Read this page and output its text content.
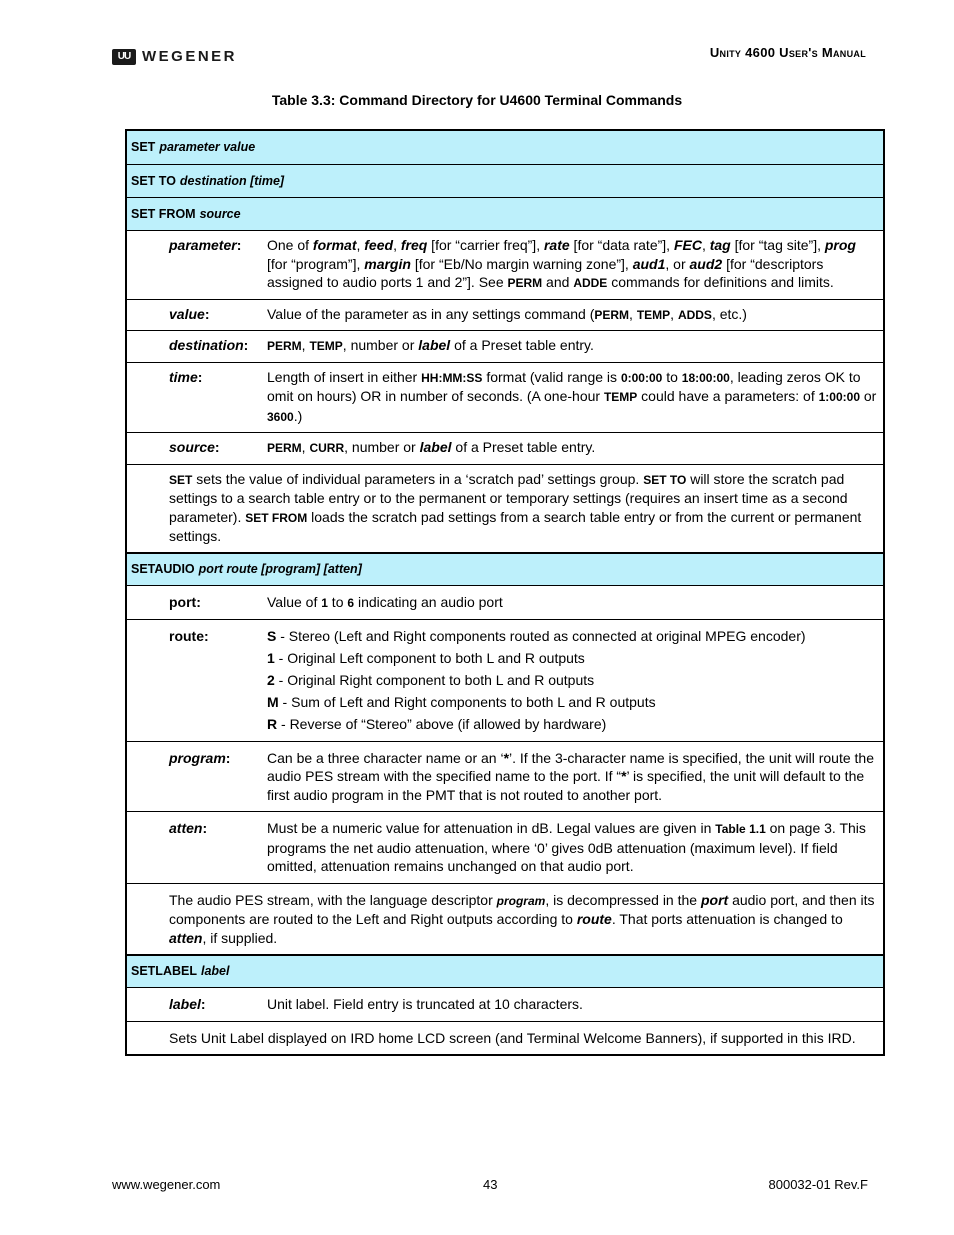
UU WEGENER	Unity 4600 User's Manual
Table 3.3: Command Directory for U4600 Terminal Commands
SET parameter value
SET TO destination [time]
SET FROM source
parameter:	One of format, feed, freq [for “carrier freq”], rate [for “data rate”], FEC, tag [for “tag site”], prog [for “program”], margin [for “Eb/No margin warning zone”], aud1, or aud2 [for “descriptors assigned to audio ports 1 and 2”]. See PERM and ADDE commands for definitions and limits.
value:	Value of the parameter as in any settings command (PERM, TEMP, ADDS, etc.)
destination:	PERM, TEMP, number or label of a Preset table entry.
time:	Length of insert in either HH:MM:SS format (valid range is 0:00:00 to 18:00:00, leading zeros OK to omit on hours) OR in number of seconds. (A one-hour TEMP could have a parameters: of 1:00:00 or 3600.)
source:	PERM, CURR, number or label of a Preset table entry.
SET sets the value of individual parameters in a ‘scratch pad’ settings group. SET TO will store the scratch pad settings to a search table entry or to the permanent or temporary settings (requires an insert time as a second parameter). SET FROM loads the scratch pad settings from a search table entry or from the current or permanent settings.
SETAUDIO port route [program] [atten]
port:	Value of 1 to 6 indicating an audio port
route:	S - Stereo (Left and Right components routed as connected at original MPEG encoder)

1 - Original Left component to both L and R outputs

2 - Original Right component to both L and R outputs

M - Sum of Left and Right components to both L and R outputs

R - Reverse of “Stereo” above (if allowed by hardware)

program:	Can be a three character name or an ‘*’. If the 3-character name is specified, the unit will route the audio PES stream with the specified name to the port. If “*’ is specified, the unit will default to the first audio program in the PMT that is not routed to another port.
atten:	Must be a numeric value for attenuation in dB. Legal values are given in Table 1.1 on page 3. This programs the net audio attenuation, where ‘0’ gives 0dB attenuation (maximum level). If field omitted, attenuation remains unchanged on that audio port.
The audio PES stream, with the language descriptor program, is decompressed in the port audio port, and then its components are routed to the Left and Right outputs according to route. That ports attenuation is changed to atten, if supplied.
SETLABEL label
label:	Unit label. Field entry is truncated at 10 characters.
Sets Unit Label displayed on IRD home LCD screen (and Terminal Welcome Banners), if supported in this IRD.
www.wegener.com	43	800032-01 Rev.F
